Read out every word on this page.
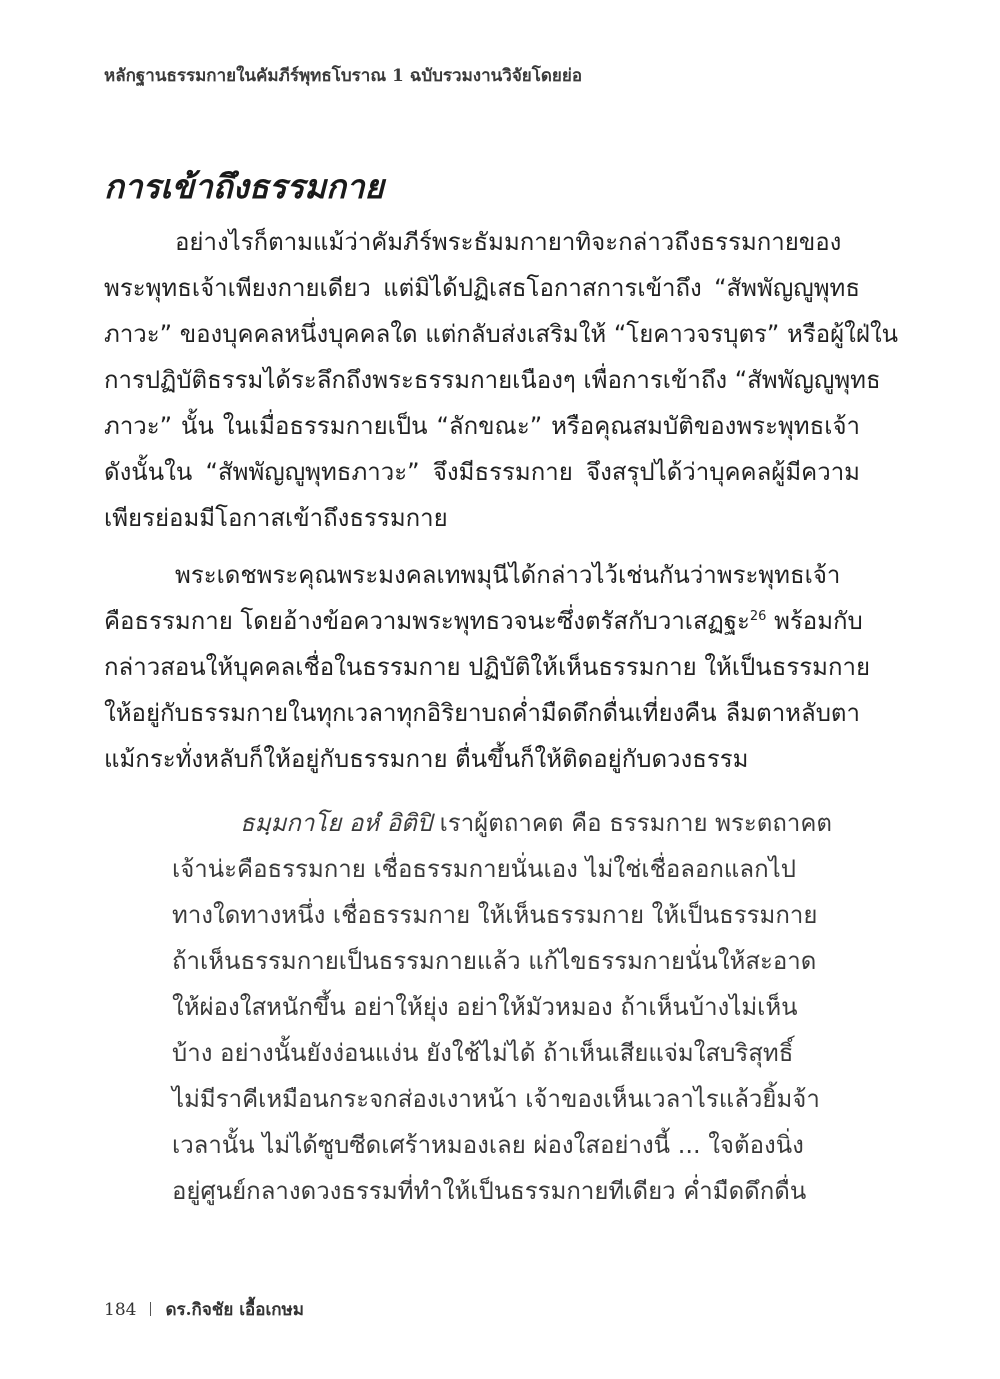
หลักฐานธรรมกายในคัมภีร์พุทธโบราณ 1 ฉบับรวมงานวิจัยโดยย่อ
การเข้าถึงธรรมกาย
อย่างไรก็ตามแม้ว่าคัมภีร์พระธัมมกายาทิจะกล่าวถึงธรรมกายของ
พระพุทธเจ้าเพียงกายเดียว แต่มิได้ปฏิเสธโอกาสการเข้าถึง “สัพพัญญูพุทธ
ภาวะ” ของบุคคลหนึ่งบุคคลใด แต่กลับส่งเสริมให้ “โยคาวจรบุตร” หรือผู้ใฝ่ใน
การปฏิบัติธรรมได้ระลึกถึงพระธรรมกายเนืองๆ เพื่อการเข้าถึง “สัพพัญญูพุทธ
ภาวะ” นั้น ในเมื่อธรรมกายเป็น “ลักขณะ” หรือคุณสมบัติของพระพุทธเจ้า
ดังนั้นใน “สัพพัญญูพุทธภาวะ” จึงมีธรรมกาย จึงสรุปได้ว่าบุคคลผู้มีความ
เพียรย่อมมีโอกาสเข้าถึงธรรมกาย
พระเดชพระคุณพระมงคลเทพมุนีได้กล่าวไว้เช่นกันว่าพระพุทธเจ้า
คือธรรมกาย โดยอ้างข้อความพระพุทธวจนะซึ่งตรัสกับวาเสฏฐะ$^{26}$ พร้อมกับ
กล่าวสอนให้บุคคลเชื่อในธรรมกาย ปฏิบัติให้เห็นธรรมกาย ให้เป็นธรรมกาย
ให้อยู่กับธรรมกายในทุกเวลาทุกอิริยาบถค่ำมืดดึกดื่นเที่ยงคืน ลืมตาหลับตา
แม้กระทั่งหลับก็ให้อยู่กับธรรมกาย ตื่นขึ้นก็ให้ติดอยู่กับดวงธรรม
ธมฺมกาโย อหํ อิติปิ เราผู้ตถาคต คือ ธรรมกาย พระตถาคต
เจ้าน่ะคือธรรมกาย เชื่อธรรมกายนั่นเอง ไม่ใช่เชื่อลอกแลกไป
ทางใดทางหนึ่ง เชื่อธรรมกาย ให้เห็นธรรมกาย ให้เป็นธรรมกาย
ถ้าเห็นธรรมกายเป็นธรรมกายแล้ว แก้ไขธรรมกายนั่นให้สะอาด
ให้ผ่องใสหนักขึ้น อย่าให้ยุ่ง อย่าให้มัวหมอง ถ้าเห็นบ้างไม่เห็น
บ้าง อย่างนั้นยังง่อนแง่น ยังใช้ไม่ได้ ถ้าเห็นเสียแจ่มใสบริสุทธิ์
ไม่มีราคีเหมือนกระจกส่องเงาหน้า เจ้าของเห็นเวลาไรแล้วยิ้มจ้า
เวลานั้น ไม่ได้ซูบซีดเศร้าหมองเลย ผ่องใสอย่างนี้ ... ใจต้องนิ่ง
อยู่ศูนย์กลางดวงธรรมที่ทำให้เป็นธรรมกายทีเดียว ค่ำมืดดึกดื่น
184 ดร.กิจชัย เอื้อเกษม
